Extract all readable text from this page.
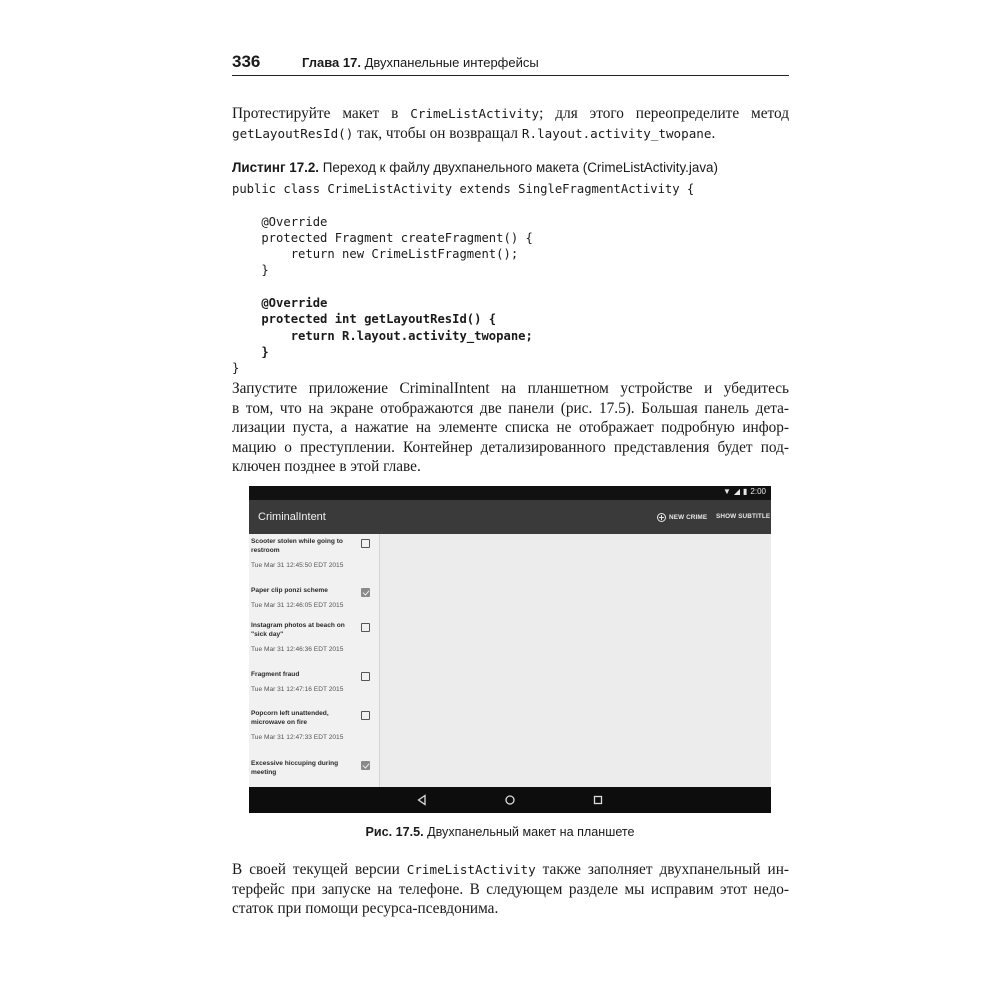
336	Глава 17. Двухпанельные интерфейсы
Протестируйте макет в CrimeListActivity; для этого переопределите метод
getLayoutResId() так, чтобы он возвращал R.layout.activity_twopane.
Листинг 17.2. Переход к файлу двухпанельного макета (CrimeListActivity.java)
public class CrimeListActivity extends SingleFragmentActivity {

@Override
protected Fragment createFragment() {
return new CrimeListFragment();
}

@Override
protected int getLayoutResId() {
return R.layout.activity_twopane;
}
}
Запустите приложение CriminalIntent на планшетном устройстве и убедитесь
в том, что на экране отображаются две панели (рис. 17.5). Большая панель дета-
лизации пуста, а нажатие на элементе списка не отображает подробную инфор-
мацию о преступлении. Контейнер детализированного представления будет под-
ключен позднее в этой главе.
▼ ◢ ▮ 2:00
CriminalIntent	NEW CRIME SHOW SUBTITLE
Scooter stolen while going to restroom
Tue Mar 31 12:45:50 EDT 2015
Paper clip ponzi scheme
Tue Mar 31 12:46:05 EDT 2015
Instagram photos at beach on "sick day"
Tue Mar 31 12:46:36 EDT 2015
Fragment fraud
Tue Mar 31 12:47:16 EDT 2015
Popcorn left unattended, microwave on fire
Tue Mar 31 12:47:33 EDT 2015
Excessive hiccuping during meeting
Рис. 17.5. Двухпанельный макет на планшете
В своей текущей версии CrimeListActivity также заполняет двухпанельный ин-
терфейс при запуске на телефоне. В следующем разделе мы исправим этот недо-
статок при помощи ресурса-псевдонима.
